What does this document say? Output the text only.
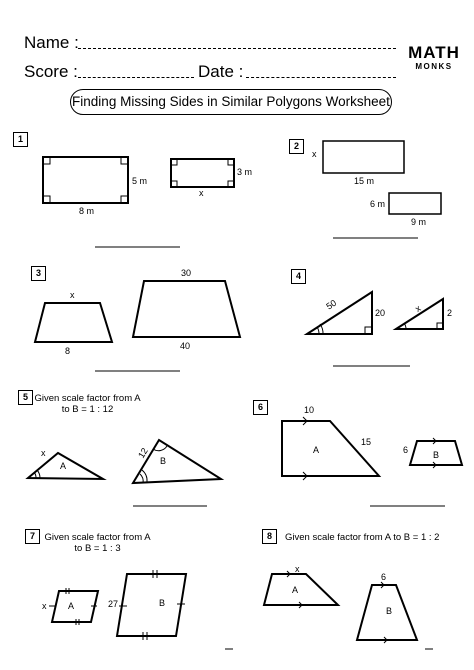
Name :
Score :	Date :
MATH
MONKS
Finding Missing Sides in Similar Polygons Worksheet
1
2
3	4
5
6
7	8
Given scale factor from A to B = 1 : 12
Given scale factor from A to B = 1 : 3
Given scale factor from A to B = 1 : 2
5 m
8 m
3 m
x
x
15 m
6 m
9 m
x
8
30
40
50
20	x	2
x
A
12
B
10
15
A	6	B
x A	27	B
x
A
6
B
